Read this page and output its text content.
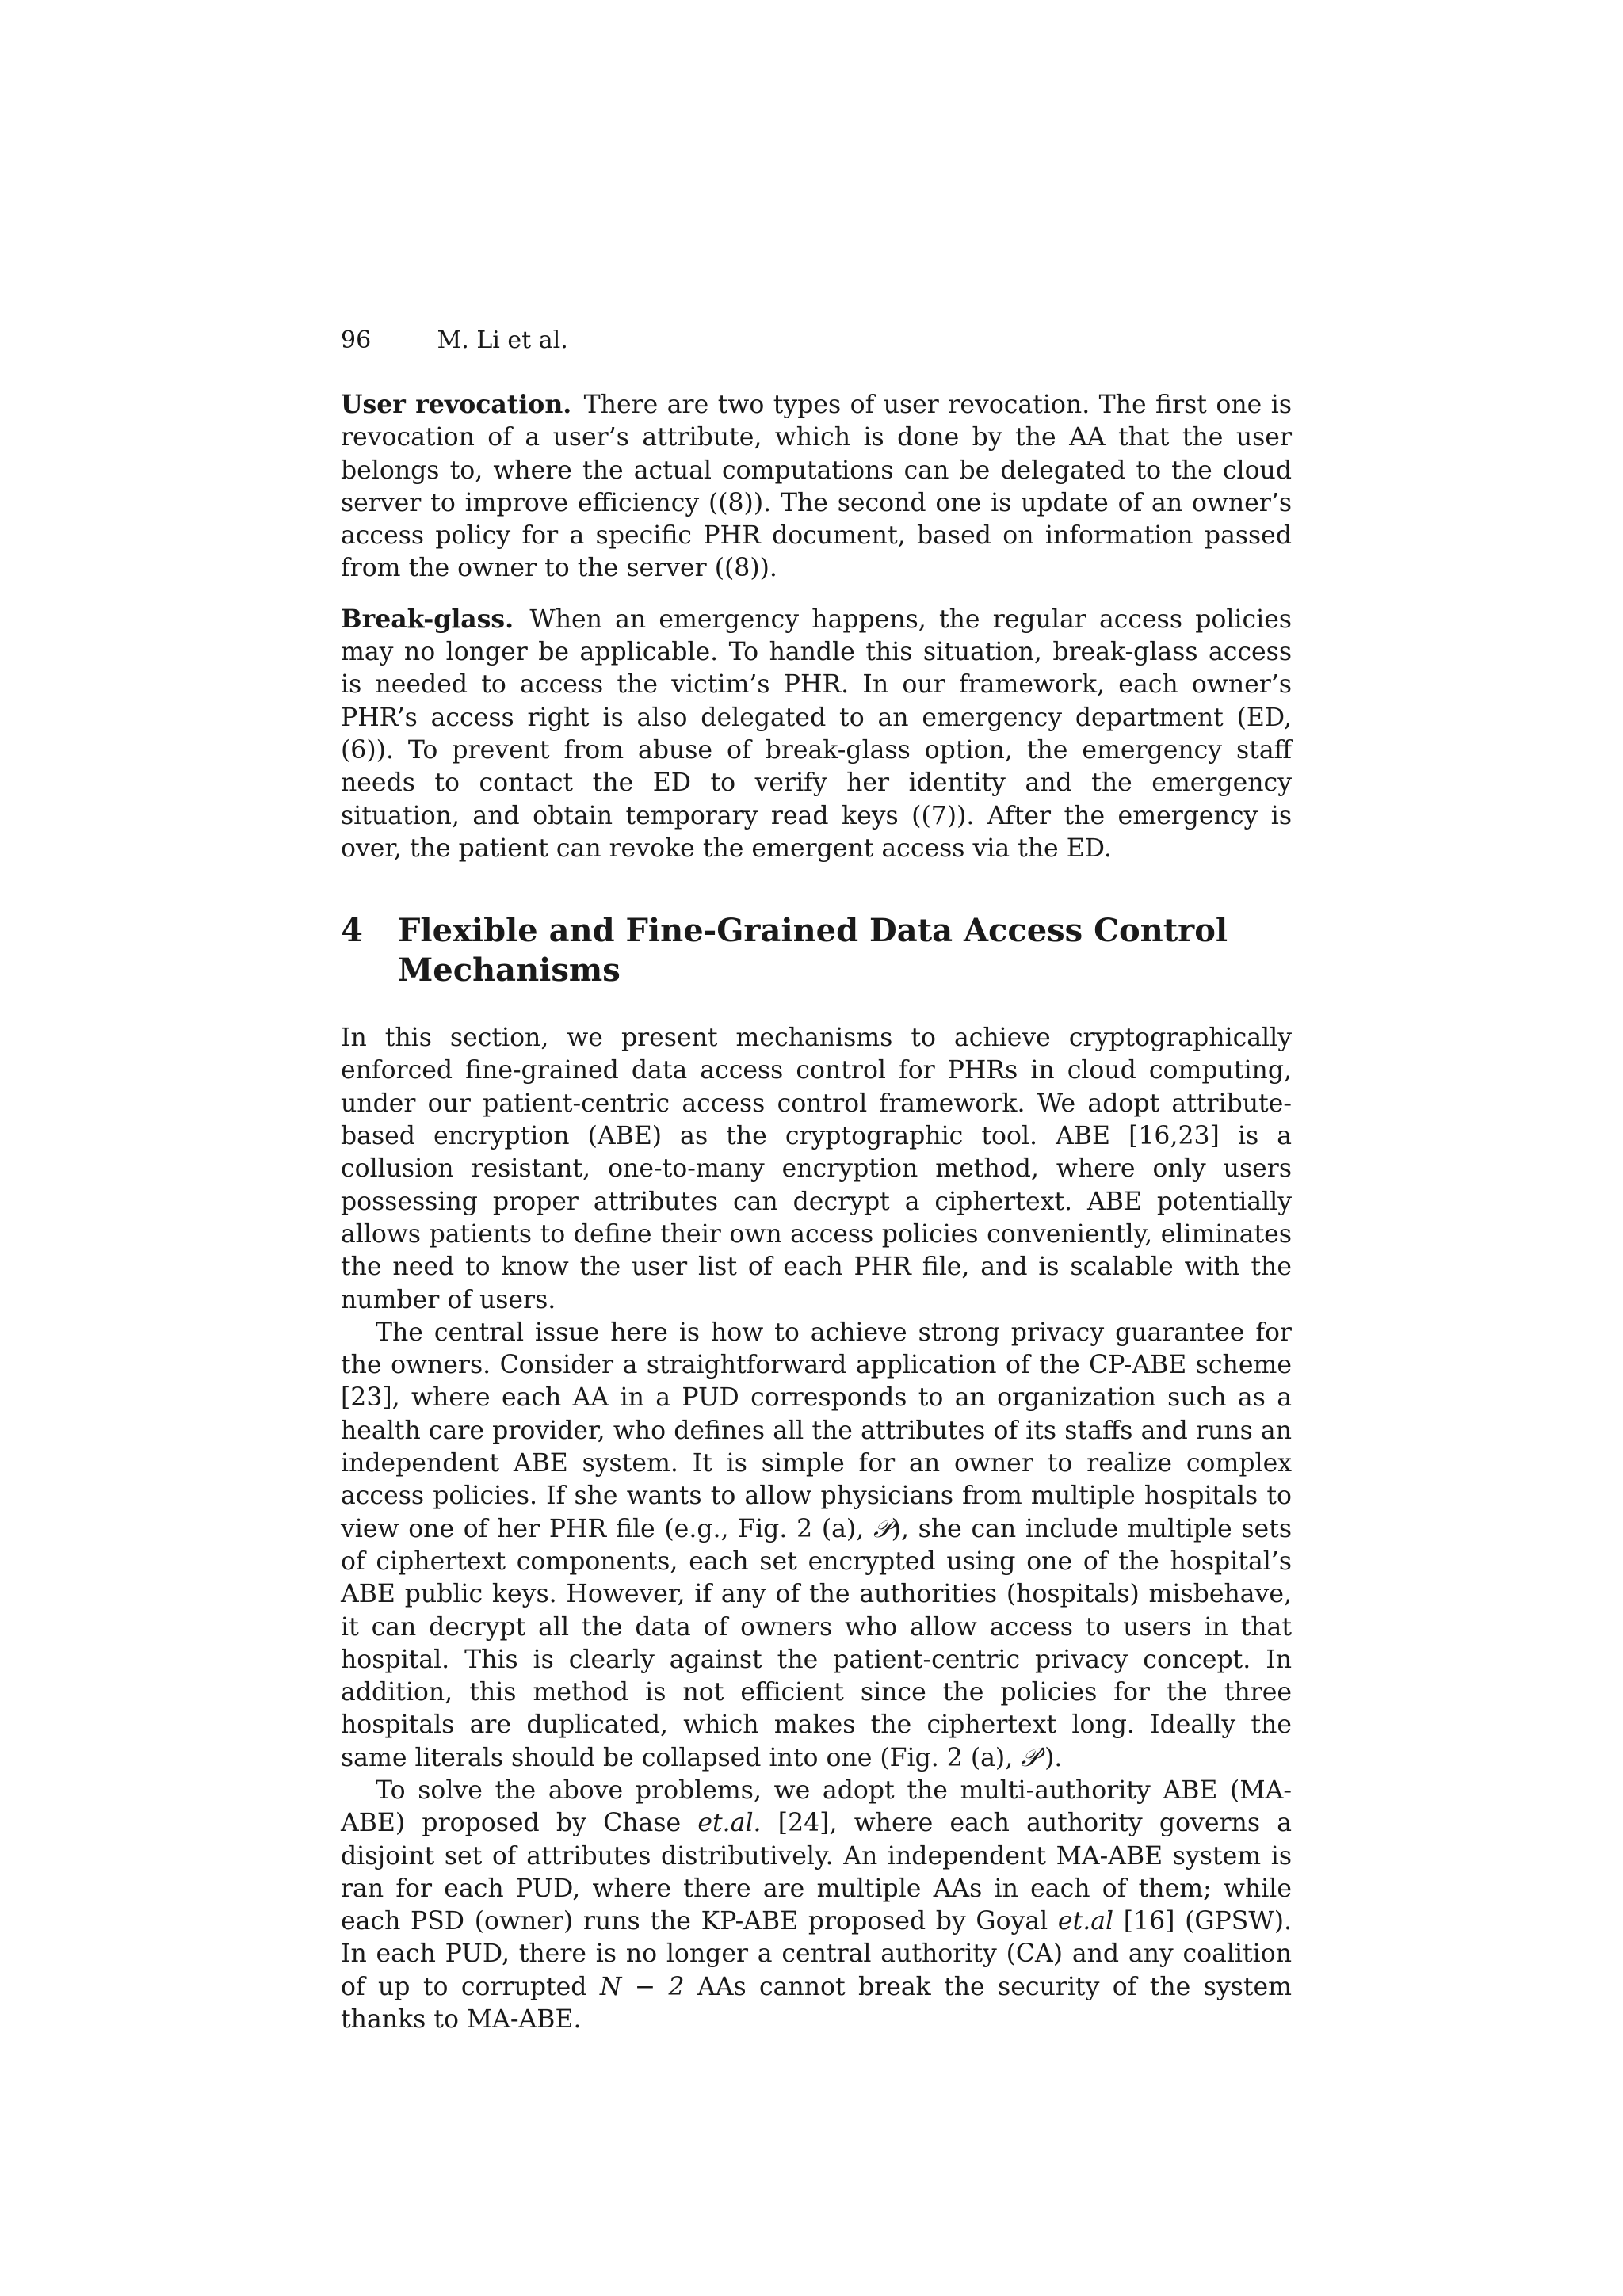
96	M. Li et al.

User revocation. There are two types of user revocation. The first one is revocation of a user’s attribute, which is done by the AA that the user belongs to, where the actual computations can be delegated to the cloud server to improve efficiency ((8)). The second one is update of an owner’s access policy for a specific PHR document, based on information passed from the owner to the server ((8)).

Break-glass. When an emergency happens, the regular access policies may no longer be applicable. To handle this situation, break-glass access is needed to access the victim’s PHR. In our framework, each owner’s PHR’s access right is also delegated to an emergency department (ED, (6)). To prevent from abuse of break-glass option, the emergency staff needs to contact the ED to verify her identity and the emergency situation, and obtain temporary read keys ((7)). After the emergency is over, the patient can revoke the emergent access via the ED.

4	Flexible and Fine-Grained Data Access Control Mechanisms

In this section, we present mechanisms to achieve cryptographically enforced fine-grained data access control for PHRs in cloud computing, under our patient-centric access control framework. We adopt attribute-based encryption (ABE) as the cryptographic tool. ABE [16,23] is a collusion resistant, one-to-many encryption method, where only users possessing proper attributes can decrypt a ciphertext. ABE potentially allows patients to define their own access policies conveniently, eliminates the need to know the user list of each PHR file, and is scalable with the number of users.

The central issue here is how to achieve strong privacy guarantee for the owners. Consider a straightforward application of the CP-ABE scheme [23], where each AA in a PUD corresponds to an organization such as a health care provider, who defines all the attributes of its staffs and runs an independent ABE system. It is simple for an owner to realize complex access policies. If she wants to allow physicians from multiple hospitals to view one of her PHR file (e.g., Fig. 2 (a), 𝒫), she can include multiple sets of ciphertext components, each set encrypted using one of the hospital’s ABE public keys. However, if any of the authorities (hospitals) misbehave, it can decrypt all the data of owners who allow access to users in that hospital. This is clearly against the patient-centric privacy concept. In addition, this method is not efficient since the policies for the three hospitals are duplicated, which makes the ciphertext long. Ideally the same literals should be collapsed into one (Fig. 2 (a), 𝒫′).

To solve the above problems, we adopt the multi-authority ABE (MA-ABE) proposed by Chase et.al. [24], where each authority governs a disjoint set of attributes distributively. An independent MA-ABE system is ran for each PUD, where there are multiple AAs in each of them; while each PSD (owner) runs the KP-ABE proposed by Goyal et.al [16] (GPSW). In each PUD, there is no longer a central authority (CA) and any coalition of up to corrupted N − 2 AAs cannot break the security of the system thanks to MA-ABE.
